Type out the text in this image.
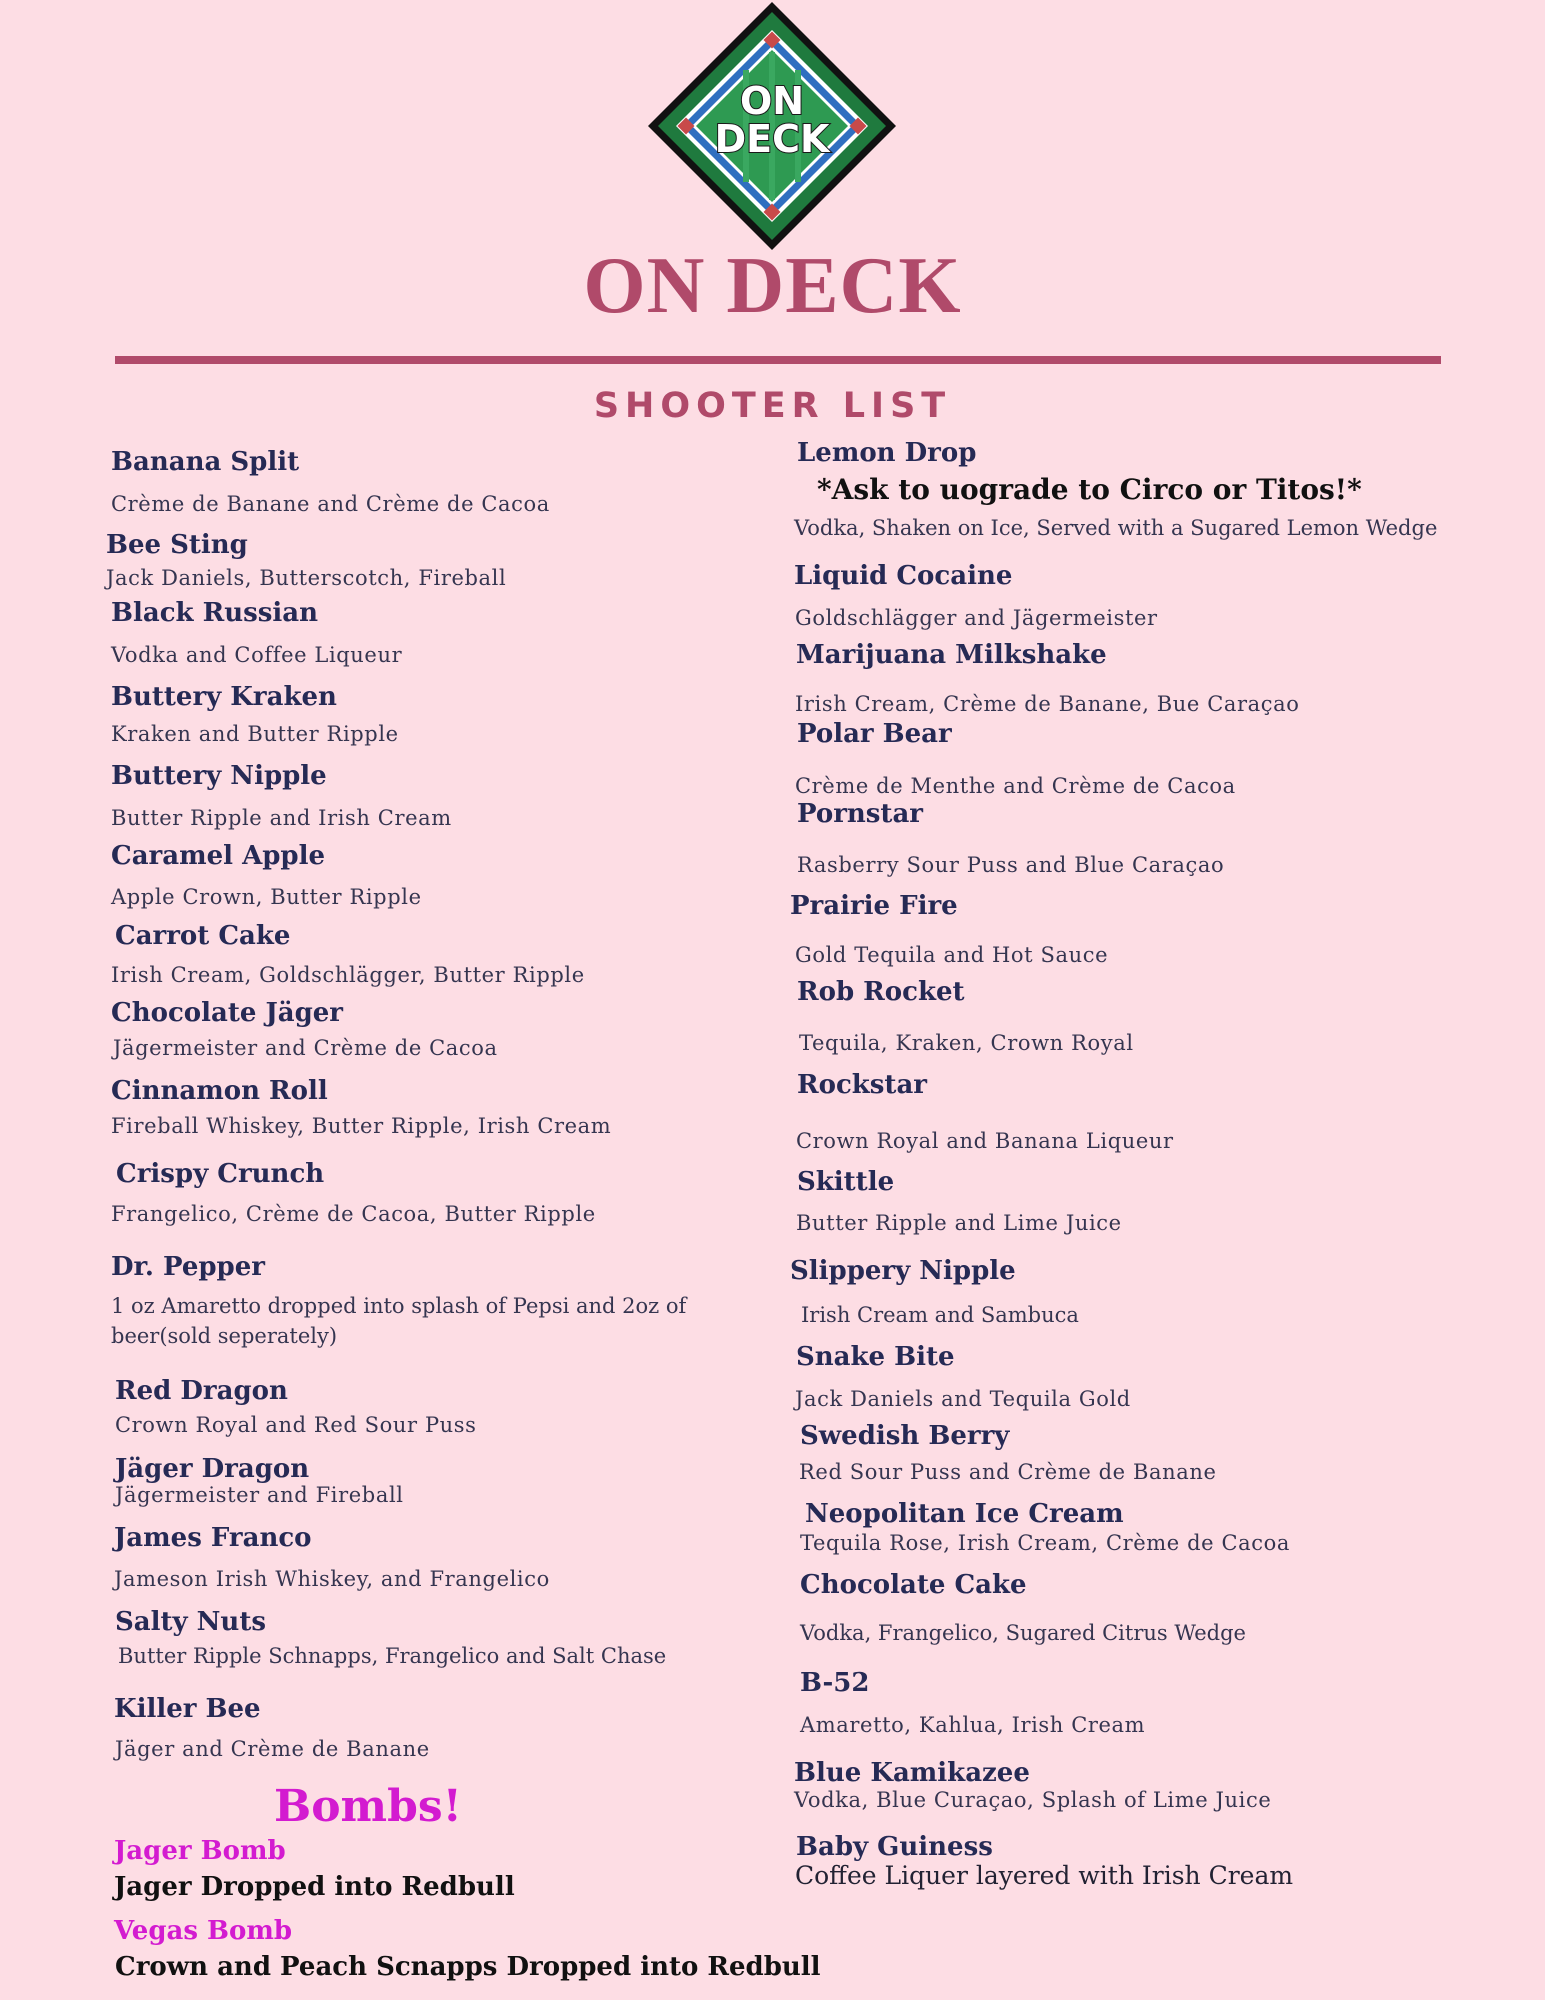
ON
DECK
ON DECK
SHOOTER LIST
Banana Split
Crème de Banane and Crème de Cacoa
Bee Sting
Jack Daniels, Butterscotch, Fireball
Black Russian
Vodka and Coffee Liqueur
Buttery Kraken
Kraken and Butter Ripple
Buttery Nipple
Butter Ripple and Irish Cream
Caramel Apple
Apple Crown, Butter Ripple
Carrot Cake
Irish Cream, Goldschlägger, Butter Ripple
Chocolate Jäger
Jägermeister and Crème de Cacoa
Cinnamon Roll
Fireball Whiskey, Butter Ripple, Irish Cream
Crispy Crunch
Frangelico, Crème de Cacoa, Butter Ripple
Dr. Pepper
1 oz Amaretto dropped into splash of Pepsi and 2oz of beer(sold seperately)
Red Dragon
Crown Royal and Red Sour Puss
Jäger Dragon
Jägermeister and Fireball
James Franco
Jameson Irish Whiskey, and Frangelico
Salty Nuts
Butter Ripple Schnapps, Frangelico and Salt Chase
Killer Bee
Jäger and Crème de Banane
Bombs!
Jager Bomb
Jager Dropped into Redbull
Vegas Bomb
Crown and Peach Scnapps Dropped into Redbull
Lemon Drop
*Ask to uograde to Circo or Titos!*
Vodka, Shaken on Ice, Served with a Sugared Lemon Wedge
Liquid Cocaine
Goldschlägger and Jägermeister
Marijuana Milkshake
Irish Cream, Crème de Banane, Bue Caraçao
Polar Bear
Crème de Menthe and Crème de Cacoa
Pornstar
Rasberry Sour Puss and Blue Caraçao
Prairie Fire
Gold Tequila and Hot Sauce
Rob Rocket
Tequila, Kraken, Crown Royal
Rockstar
Crown Royal and Banana Liqueur
Skittle
Butter Ripple and Lime Juice
Slippery Nipple
Irish Cream and Sambuca
Snake Bite
Jack Daniels and Tequila Gold
Swedish Berry
Red Sour Puss and Crème de Banane
Neopolitan Ice Cream
Tequila Rose, Irish Cream, Crème de Cacoa
Chocolate Cake
Vodka, Frangelico, Sugared Citrus Wedge
B-52
Amaretto, Kahlua, Irish Cream
Blue Kamikazee
Vodka, Blue Curaçao, Splash of Lime Juice
Baby Guiness
Coffee Liquer layered with Irish Cream
